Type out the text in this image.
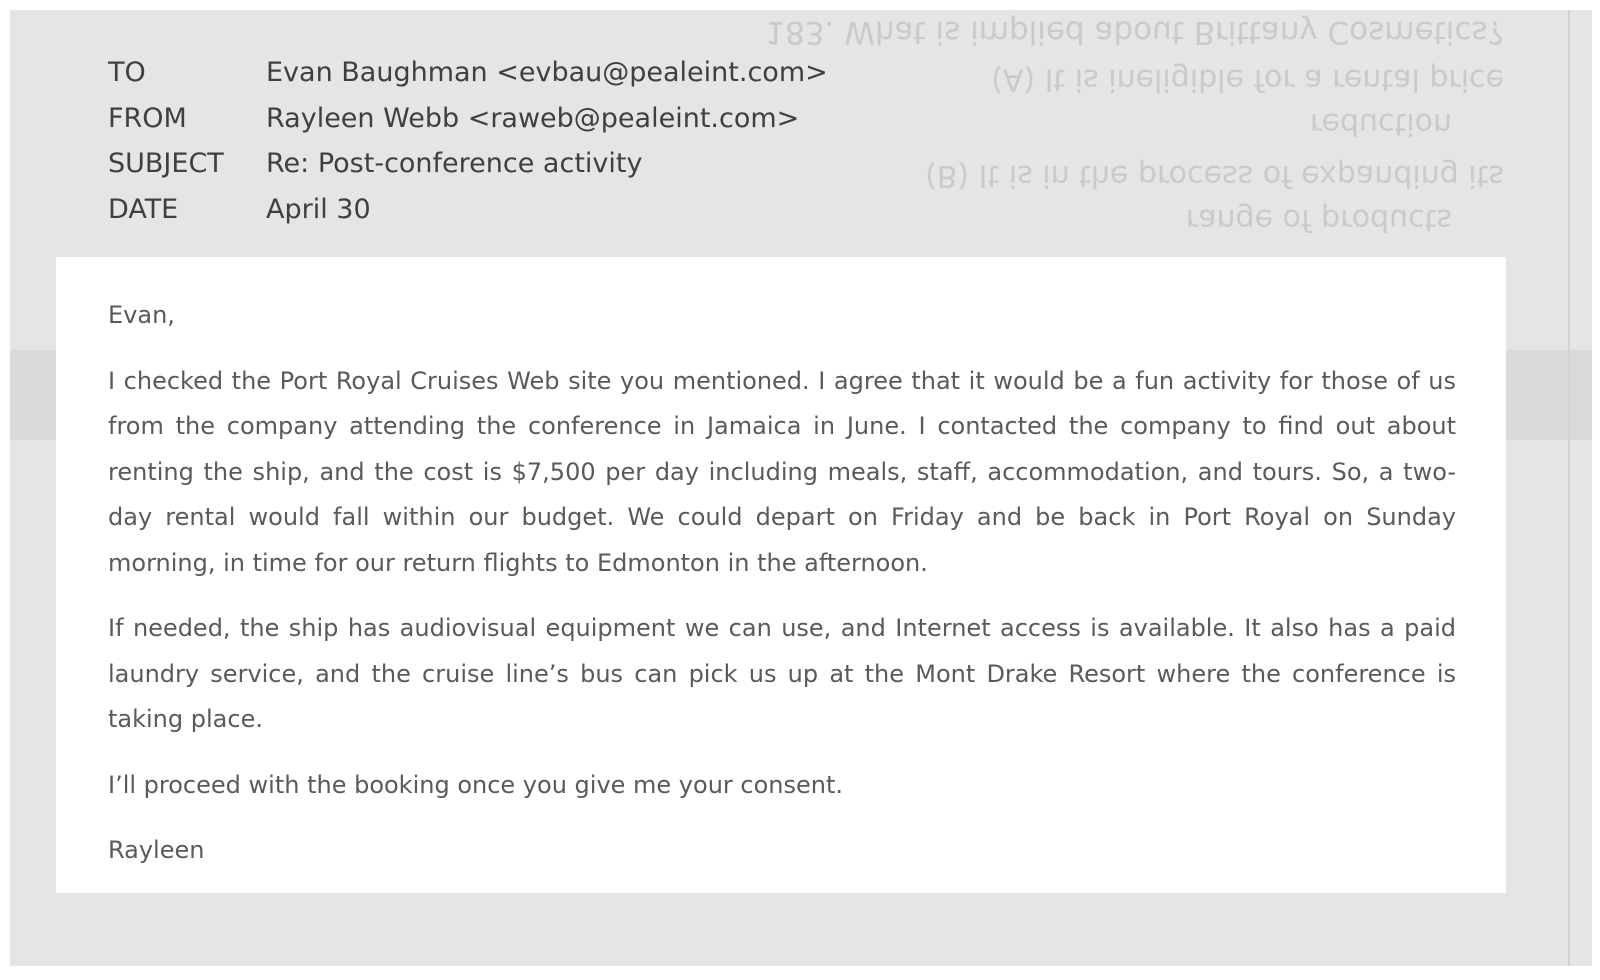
183. What is implied about Brittany Cosmetics?
(A) It is ineligible for a rental price
reduction
(B) It is in the process of expanding its
range of products
TO	Evan Baughman <evbau@pealeint.com>
FROM	Rayleen Webb <raweb@pealeint.com>
SUBJECT	Re: Post-conference activity
DATE	April 30

Evan,

I checked the Port Royal Cruises Web site you mentioned. I agree that it would be a fun activity for those of us from the company attending the conference in Jamaica in June. I contacted the company to find out about renting the ship, and the cost is $7,500 per day including meals, staff, accommodation, and tours. So, a two-day rental would fall within our budget. We could depart on Friday and be back in Port Royal on Sunday morning, in time for our return flights to Edmonton in the afternoon.

If needed, the ship has audiovisual equipment we can use, and Internet access is available. It also has a paid laundry service, and the cruise line’s bus can pick us up at the Mont Drake Resort where the conference is taking place.

I’ll proceed with the booking once you give me your consent.

Rayleen
